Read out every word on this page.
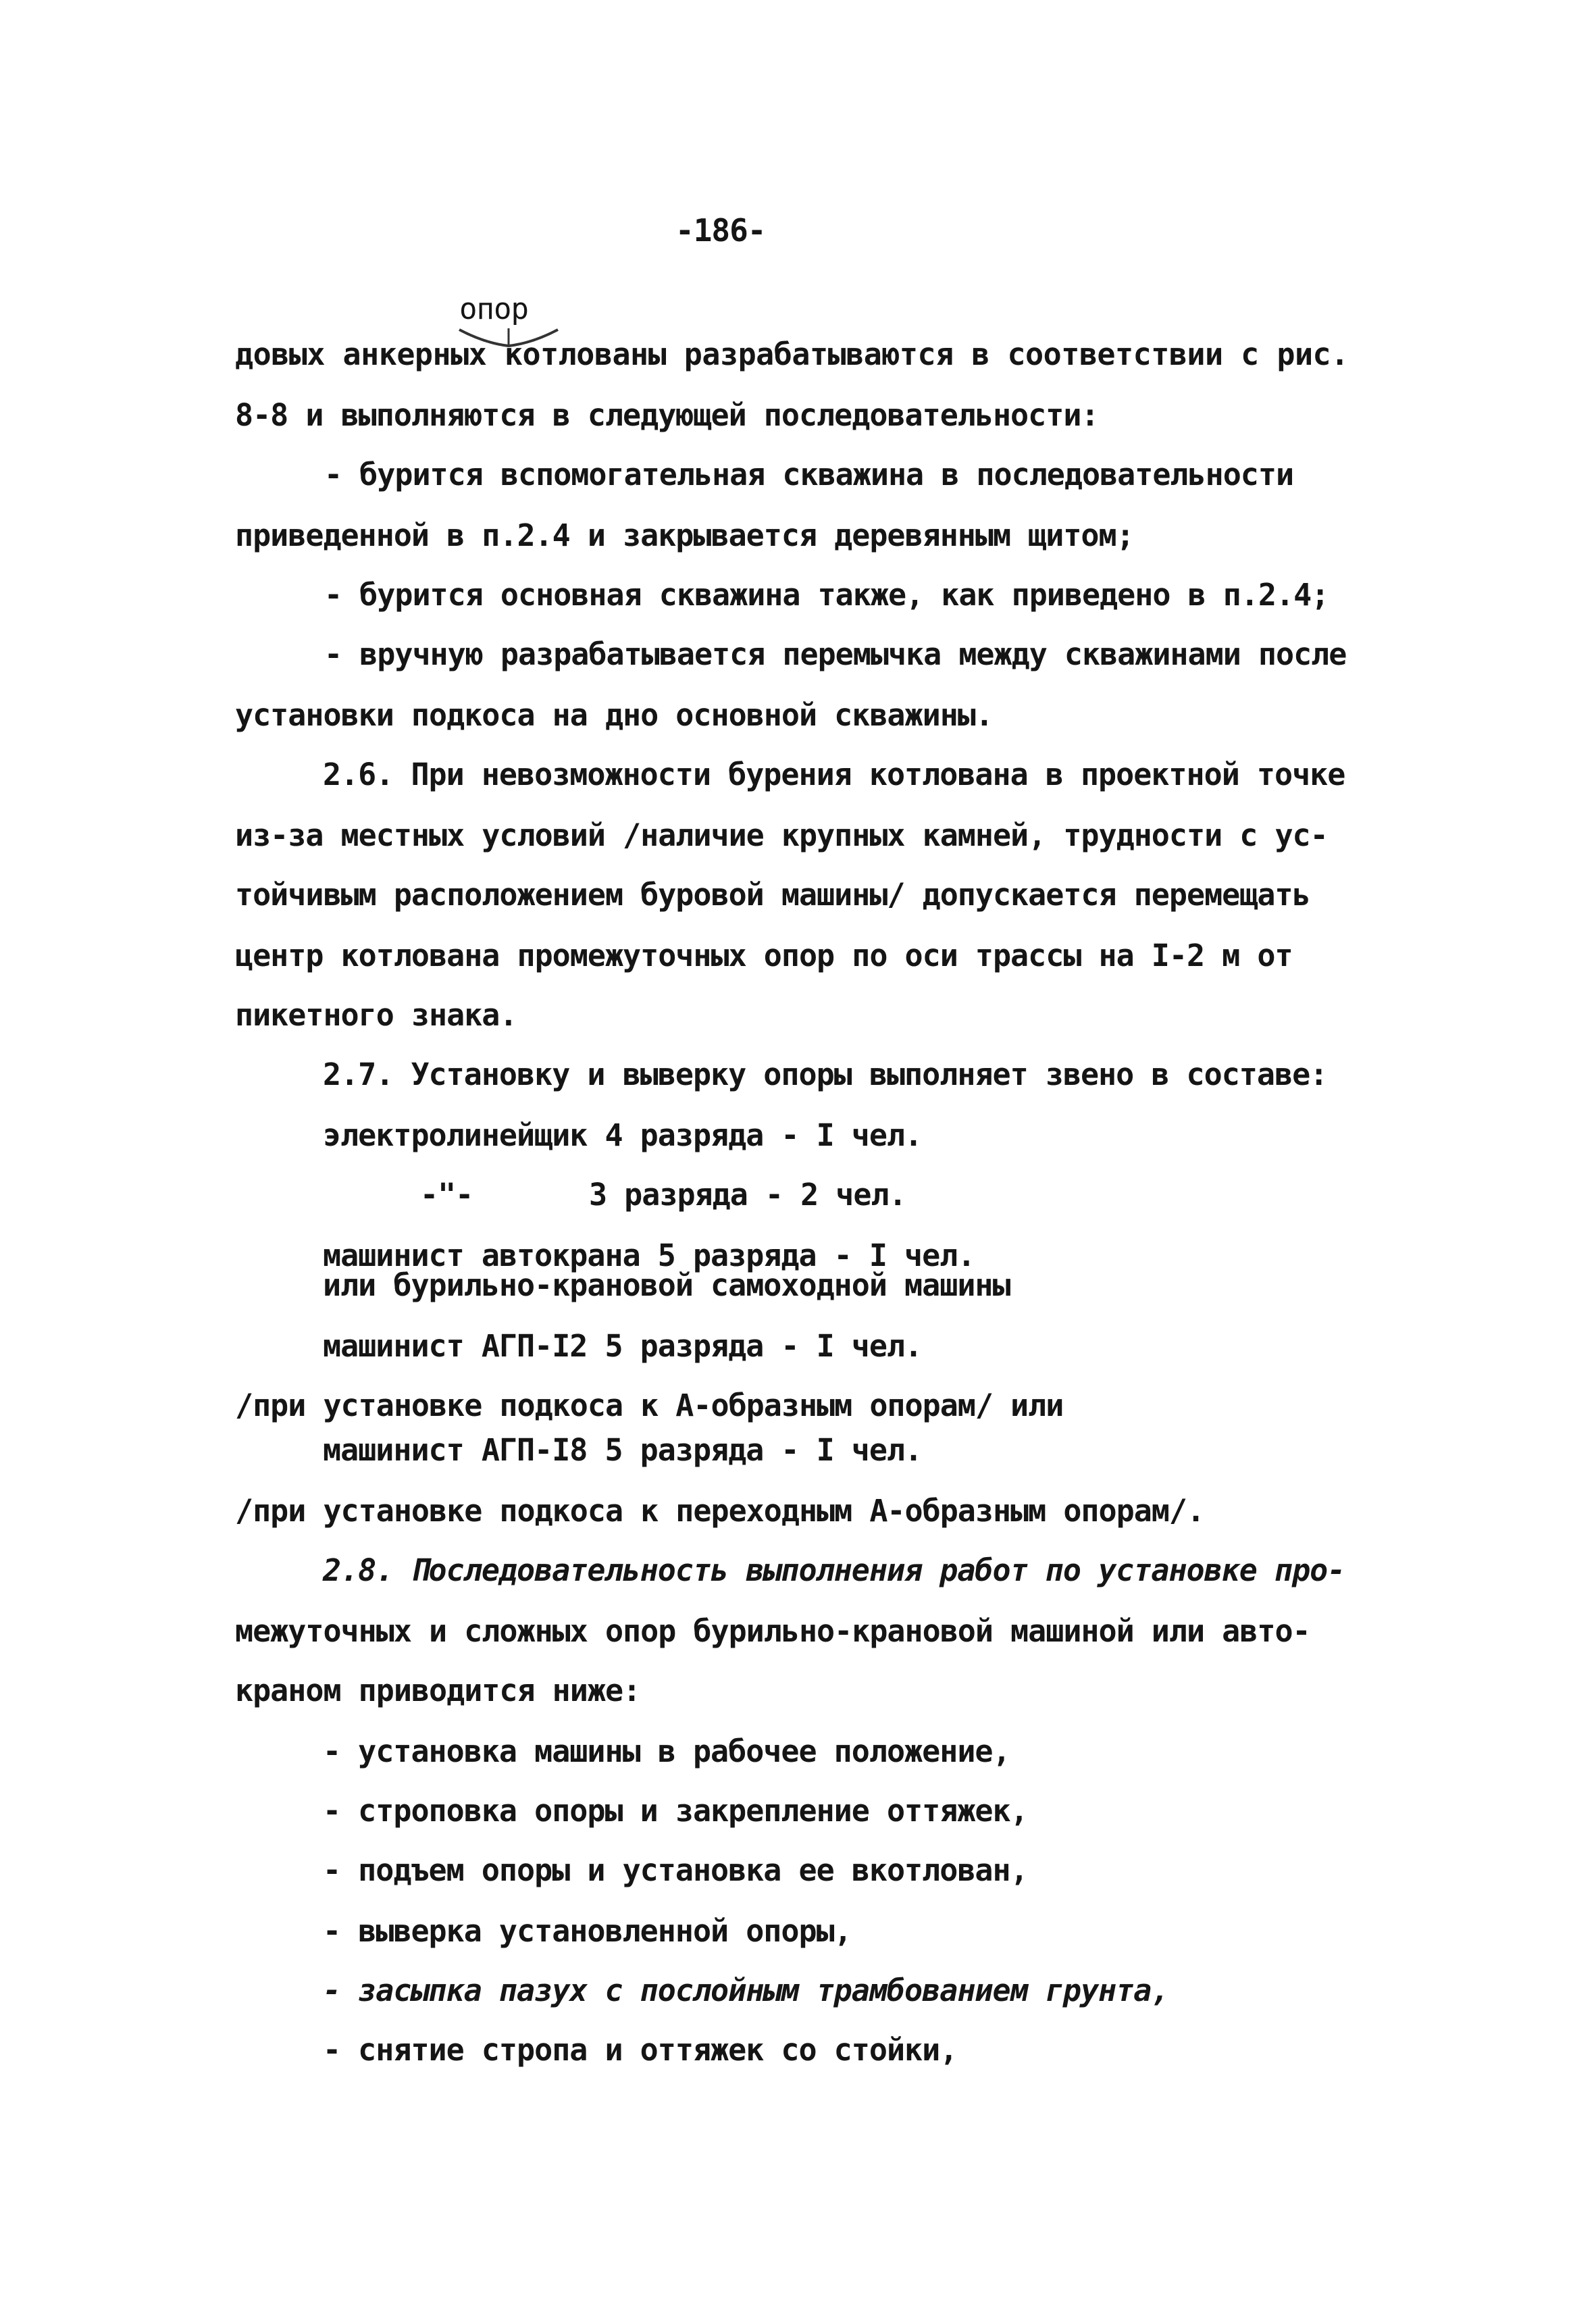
-186-
опор
довых анкерных котлованы разрабатываются в соответствии с рис.
8-8 и выполняются в следующей последовательности:
- бурится вспомогательная скважина в последовательности
приведенной в п.2.4 и закрывается деревянным щитом;
- бурится основная скважина также, как приведено в п.2.4;
- вручную разрабатывается перемычка между скважинами после
установки подкоса на дно основной скважины.
2.6. При невозможности бурения котлована в проектной точке
из-за местных условий /наличие крупных камней, трудности с ус-
тойчивым расположением буровой машины/ допускается перемещать
центр котлована промежуточных опор по оси трассы на I-2 м от
пикетного знака.
2.7. Установку и выверку опоры выполняет звено в составе:
электролинейщик 4 разряда - I чел.
-"-	3 разряда - 2 чел.
машинист автокрана 5 разряда - I чел.
или бурильно-крановой самоходной машины
машинист АГП-I2 5 разряда - I чел.
/при установке подкоса к А-образным опорам/ или
машинист АГП-I8 5 разряда - I чел.
/при установке подкоса к переходным А-образным опорам/.
2.8. Последовательность выполнения работ по установке про-
межуточных и сложных опор бурильно-крановой машиной или авто-
краном приводится ниже:
- установка машины в рабочее положение,
- строповка опоры и закрепление оттяжек,
- подъем опоры и установка ее вкотлован,
- выверка установленной опоры,
- засыпка пазух с послойным трамбованием грунта,
- снятие стропа и оттяжек со стойки,
